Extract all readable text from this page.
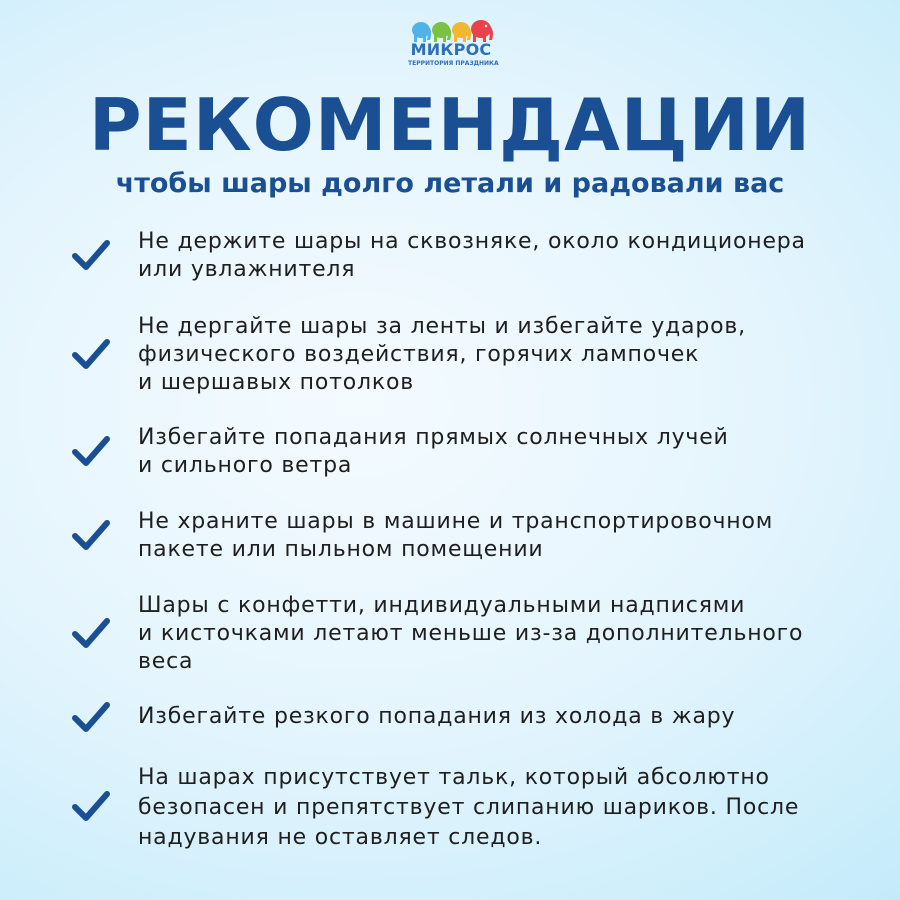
МИКРОС
ТЕРРИТОРИЯ ПРАЗДНИКА
РЕКОМЕНДАЦИИ
чтобы шары долго летали и радовали вас
Не держите шары на сквозняке, около кондиционера
или увлажнителя
Не дергайте шары за ленты и избегайте ударов,
физического воздействия, горячих лампочек
и шершавых потолков
Избегайте попадания прямых солнечных лучей
и сильного ветра
Не храните шары в машине и транспортировочном
пакете или пыльном помещении
Шары с конфетти, индивидуальными надписями
и кисточками летают меньше из-за дополнительного
веса
Избегайте резкого попадания из холода в жару
На шарах присутствует тальк, который абсолютно
безопасен и препятствует слипанию шариков. После
надувания не оставляет следов.
